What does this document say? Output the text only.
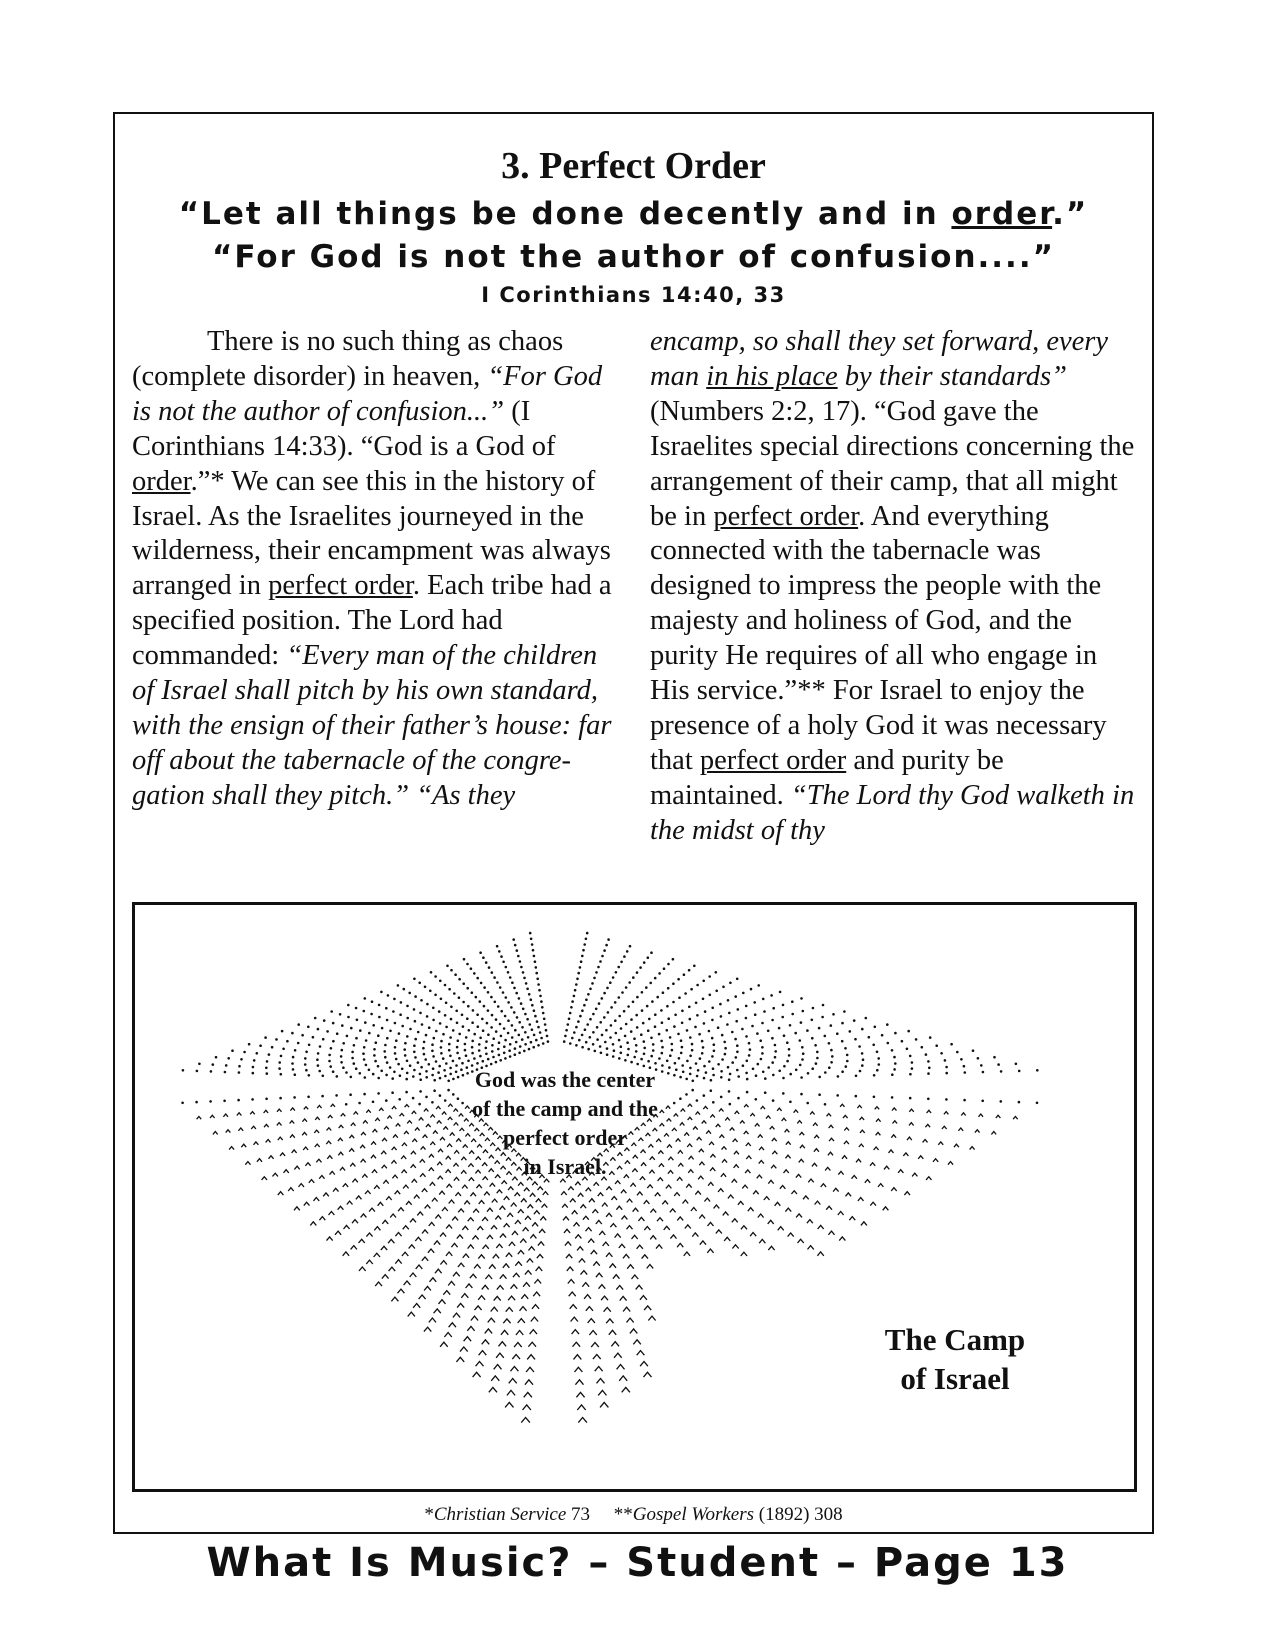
3. Perfect Order

“Let all things be done decently and in order.”

“For God is not the author of confusion....”

I Corinthians 14:40, 33

There is no such thing as chaos (complete disorder) in heaven, “For God is not the author of confusion...” (I Corinthians 14:33). “God is a God of order.”* We can see this in the history of Israel. As the Israelites journeyed in the wilderness, their encampment was always arranged in perfect order. Each tribe had a specified position. The Lord had commanded: “Every man of the children of Israel shall pitch by his own standard, with the ensign of their father’s house: far off about the tabernacle of the congregation shall they pitch.” “As they

encamp, so shall they set forward, every man in his place by their standards” (Numbers 2:2, 17). “God gave the Israelites special directions concerning the arrangement of their camp, that all might be in perfect order. And everything connected with the tabernacle was designed to impress the people with the majesty and holiness of God, and the purity He requires of all who engage in His service.”** For Israel to enjoy the presence of a holy God it was necessary that perfect order and purity be maintained. “The Lord thy God walketh in the midst of thy

God was the center
of the camp and the
perfect order
in Israel.
The Camp
of Israel

*Christian Service 73 **Gospel Workers (1892) 308

What Is Music? – Student – Page 13
